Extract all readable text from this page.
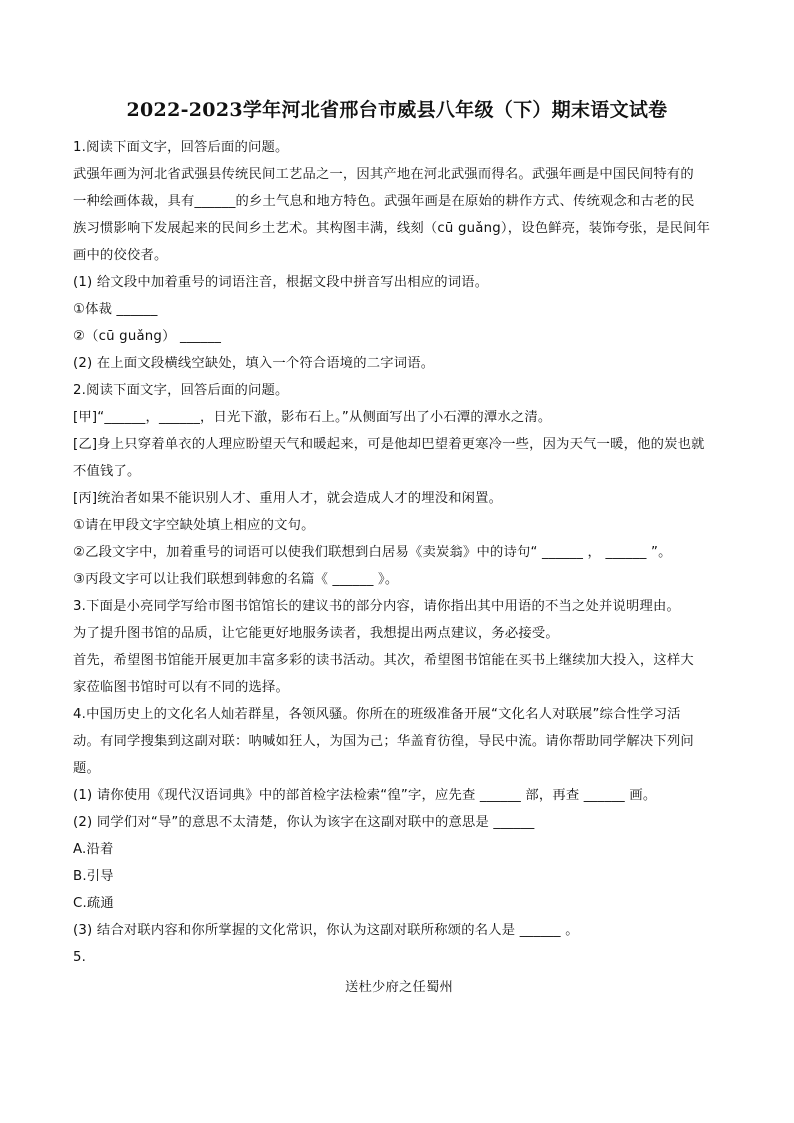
2022-2023学年河北省邢台市威县八年级（下）期末语文试卷
1.阅读下面文字，回答后面的问题。
武强年画为河北省武强县传统民间工艺品之一，因其产地在河北武强而得名。武强年画是中国民间特有的
一种绘画体裁，具有______的乡土气息和地方特色。武强年画是在原始的耕作方式、传统观念和古老的民
族习惯影响下发展起来的民间乡土艺术。其构图丰满，线刻（cū guǎng），设色鲜亮，装饰夸张，是民间年
画中的佼佼者。
(1) 给文段中加着重号的词语注音，根据文段中拼音写出相应的词语。
①体裁 ______
②（cū guǎng） ______
(2) 在上面文段横线空缺处，填入一个符合语境的二字词语。
2.阅读下面文字，回答后面的问题。
[甲]“______，______，日光下澈，影布石上。”从侧面写出了小石潭的潭水之清。
[乙]身上只穿着单衣的人理应盼望天气和暖起来，可是他却巴望着更寒冷一些，因为天气一暖，他的炭也就
不值钱了。
[丙]统治者如果不能识别人才、重用人才，就会造成人才的埋没和闲置。
①请在甲段文字空缺处填上相应的文句。
②乙段文字中，加着重号的词语可以使我们联想到白居易《卖炭翁》中的诗句“ ______ ， ______ ”。
③丙段文字可以让我们联想到韩愈的名篇《 ______ 》。
3.下面是小亮同学写给市图书馆馆长的建议书的部分内容，请你指出其中用语的不当之处并说明理由。
为了提升图书馆的品质，让它能更好地服务读者，我想提出两点建议，务必接受。
首先，希望图书馆能开展更加丰富多彩的读书活动。其次，希望图书馆能在买书上继续加大投入，这样大
家莅临图书馆时可以有不同的选择。
4.中国历史上的文化名人灿若群星，各领风骚。你所在的班级准备开展“文化名人对联展”综合性学习活
动。有同学搜集到这副对联：呐喊如狂人，为国为己；华盖育彷徨，导民中流。请你帮助同学解决下列问
题。
(1) 请你使用《现代汉语词典》中的部首检字法检索“徨”字，应先查 ______ 部，再查 ______ 画。
(2) 同学们对“导”的意思不太清楚，你认为该字在这副对联中的意思是 ______
A.沿着
B.引导
C.疏通
(3) 结合对联内容和你所掌握的文化常识，你认为这副对联所称颂的名人是 ______ 。
5.
送杜少府之任蜀州
